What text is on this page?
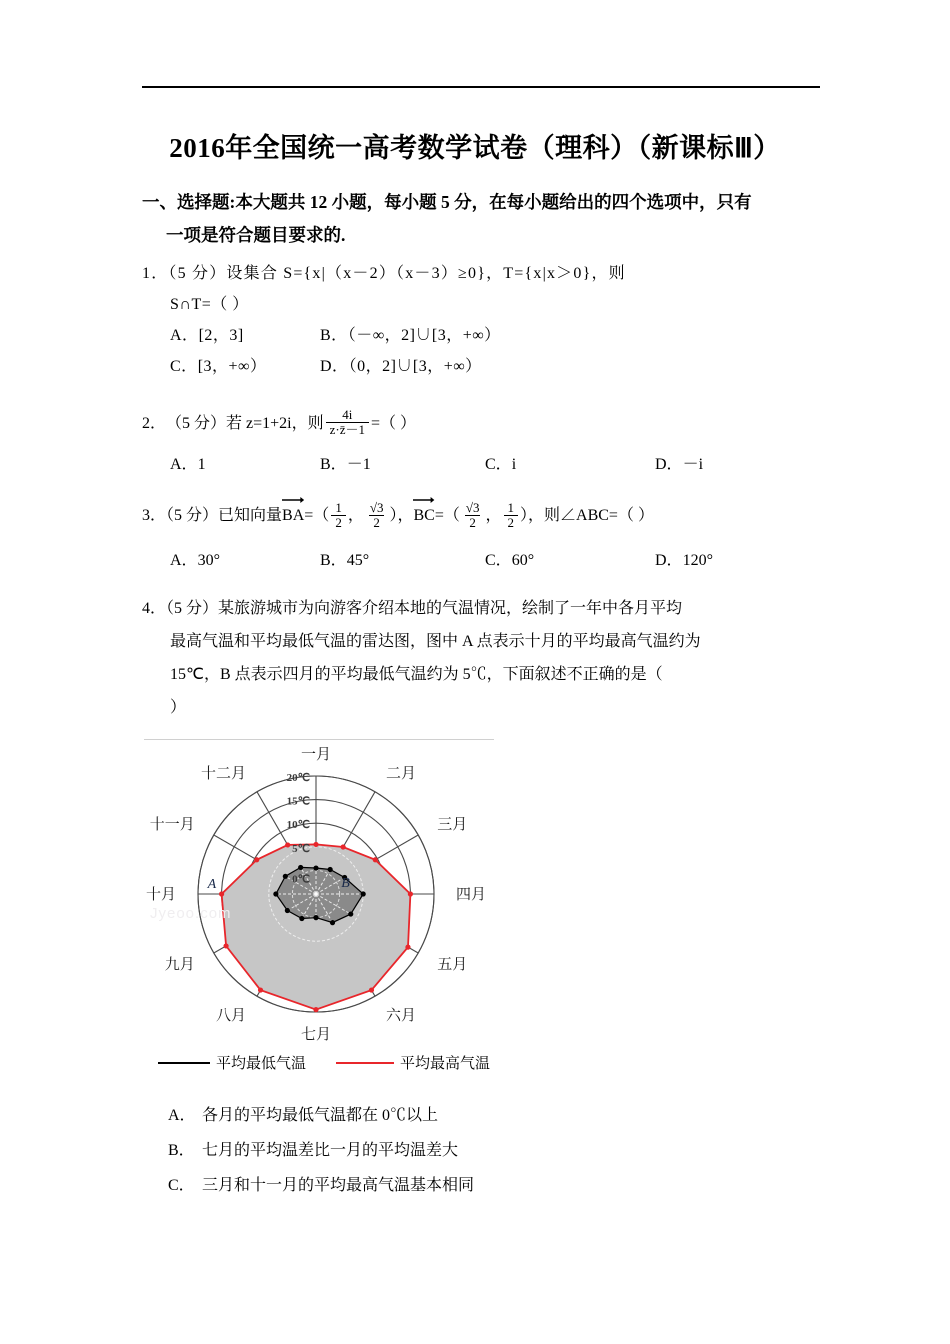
2016年全国统一高考数学试卷（理科）（新课标Ⅲ）
一、选择题:本大题共 12 小题，每小题 5 分，在每小题给出的四个选项中，只有
一项是符合题目要求的.
1．（5 分）设集合 S={x|（x－2）（x－3）≥0}，T={x|x＞0}，则
S∩T=（ ）
A．[2，3]	B．（－∞，2]∪[3，+∞）
C．[3，+∞）	D．（0，2]∪[3，+∞）
2． （5 分） 若 z=1+2i，则 $\frac{4i}{z\cdot z̄-1}$ =（ ）
A．1	B．－1	C．i	D．－i
3．（5 分）已知向量
$BA=( \frac{1}{2}$ ， $\frac{√3}{2}$ ），
$BC=( \frac{√3}{2}$ ， $\frac{1}{2}$ ），则∠ABC=（ ）
A．30°	B．45°	C．60°	D．120°
4．（5 分）某旅游城市为向游客介绍本地的气温情况，绘制了一年中各月平均
最高气温和平均最低气温的雷达图，图中 A 点表示十月的平均最高气温约为
15℃，B 点表示四月的平均最低气温约为 5℃，下面叙述不正确的是（
）
0℃
5℃
10℃
15℃
20℃
一月
二月
三月
四月
五月
六月
七月
八月
九月
十月
十一月
十二月
A	B
Jyeoo.com
平均最低气温	平均最高气温
A． 各月的平均最低气温都在 0℃以上
B． 七月的平均温差比一月的平均温差大
C． 三月和十一月的平均最高气温基本相同
